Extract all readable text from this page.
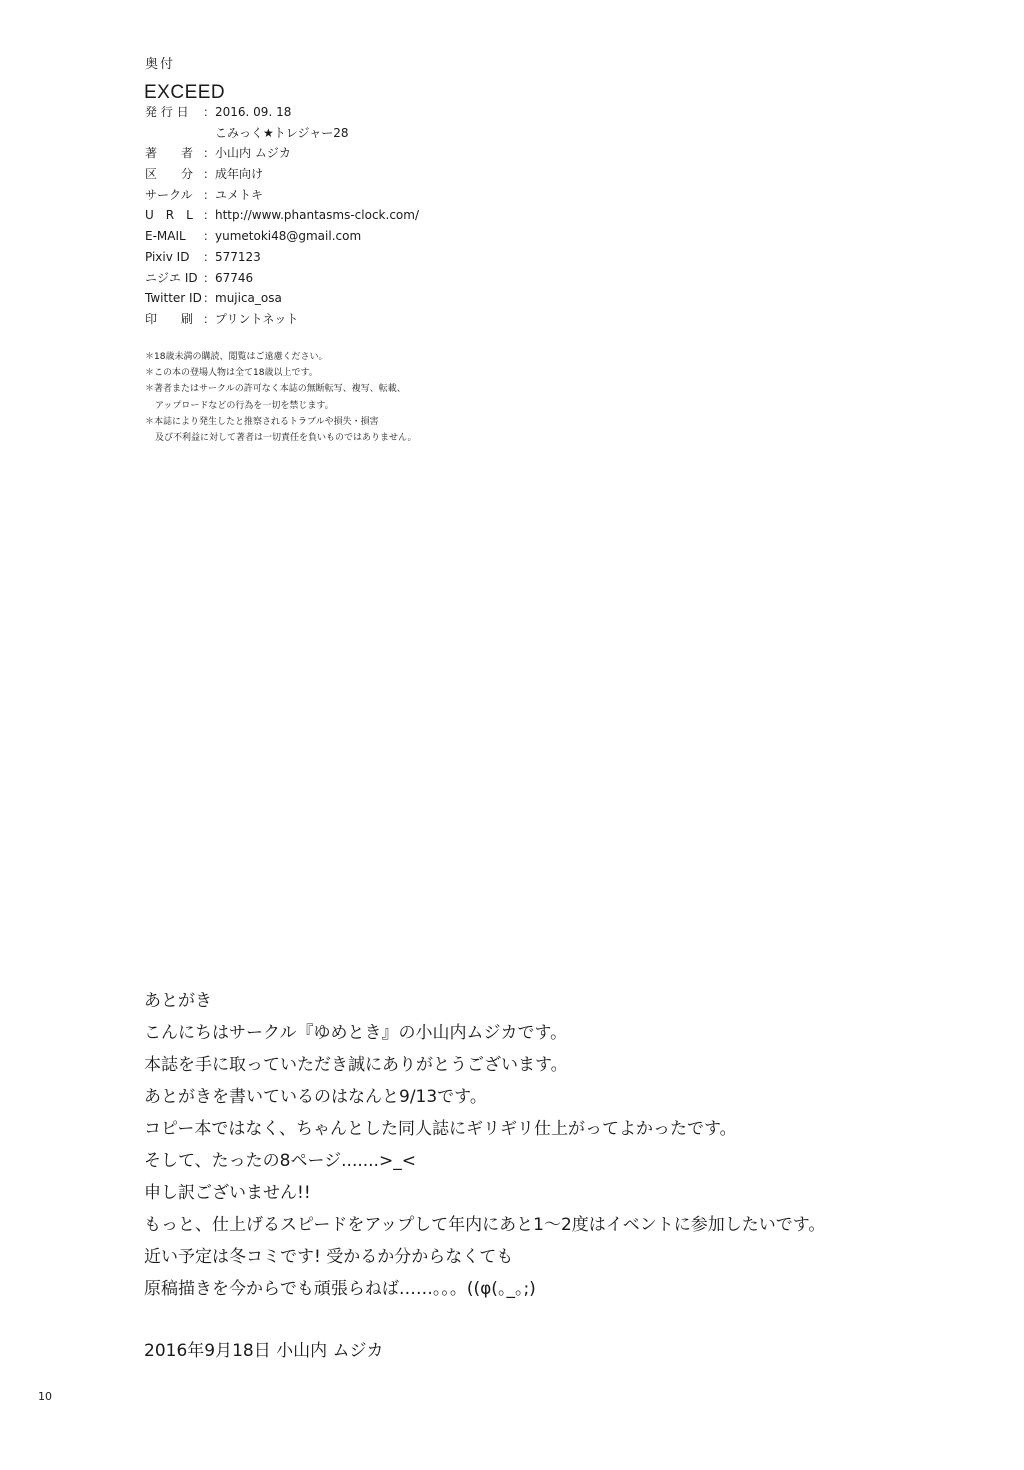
奥付
EXCEED
発 行 日	： 2016. 09. 18
こみっく★トレジャー28
著　　者 ： 小山内 ムジカ
区　　分 ： 成年向け
サークル ： ユメトキ
U　R　L ： http://www.phantasms-clock.com/
E-MAIL	： yumetoki48@gmail.com
Pixiv ID	： 577123
ニジエ ID ： 67746
Twitter ID ： mujica_osa
印　　刷 ： プリントネット
＊18歳未満の購読、閲覧はご遠慮ください。
＊この本の登場人物は全て18歳以上です。
＊著者またはサークルの許可なく本誌の無断転写、複写、転載、
アップロードなどの行為を一切を禁じます。
＊本誌により発生したと推察されるトラブルや損失・損害
及び不利益に対して著者は一切責任を負いものではありません。
あとがき
こんにちはサークル『ゆめとき』の小山内ムジカです。
本誌を手に取っていただき誠にありがとうございます。
あとがきを書いているのはなんと9/13です。
コピー本ではなく、ちゃんとした同人誌にギリギリ仕上がってよかったです。
そして、たったの8ページ.......>_<
申し訳ございません!!
もっと、仕上げるスピードをアップして年内にあと1～2度はイベントに参加したいです。
近い予定は冬コミです! 受かるか分からなくても
原稿描きを今からでも頑張らねば……。。。((φ(｡_｡;)
2016年9月18日 小山内 ムジカ
10
